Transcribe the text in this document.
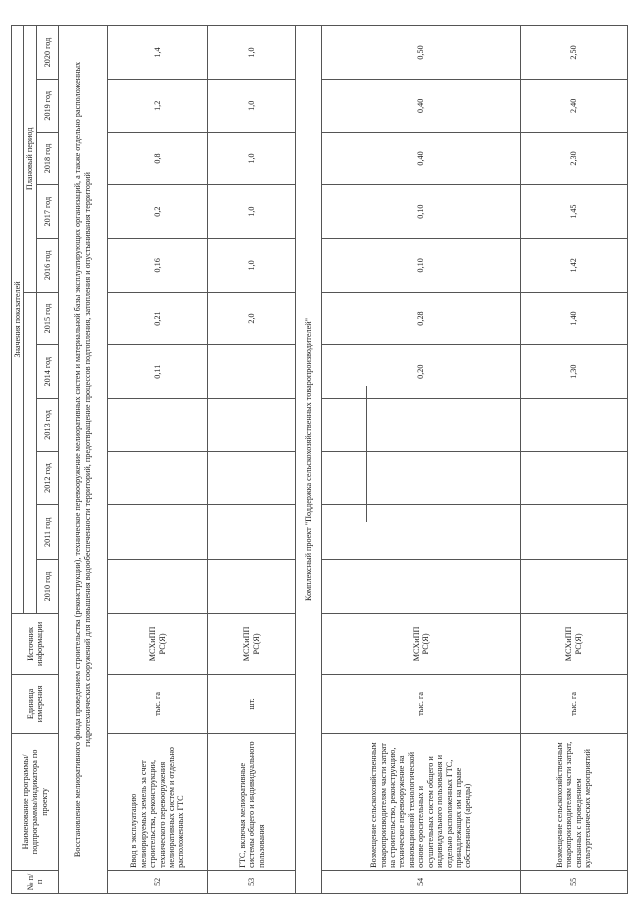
№ п/п	Наименование программы/подпрограммы/индикатора по проекту	Единица измерения	Источник информации	Значения показателей										
										Плановый период				
				2010 год	2011 год	2012 год	2013 год	2014 год	2015 год	2016 год	2017 год	2018 год	2019 год	2020 год
Восстановление мелиоративного фонда проведением строительства (реконструкции), техническое перевооружение мелиоративных систем и материальной базы эксплуатирующих организаций, а также отдельно расположенных гидротехнических сооружений для повышения водообеспеченности территорий, предотвращение процессов подтопления, затопления и опустынивания территорий														
52	Ввод в эксплуатацию мелиорируемых земель за счет строительства, реконструкции, технического перевооружения мелиоративных систем и отдельно расположенных ГТС	тыс. га	МСХиПП РС(Я)					0,11	0,21	0,16	0,2	0,8	1,2	1,4
53	ГТС, включая мелиоративные системы общего и индивидуального пользования	шт.	МСХиПП РС(Я)						2,0	1,0	1,0	1,0	1,0	1,0
Комплексный проект "Поддержка сельскохозяйственных товаропроизводителей"														
54	Возмещение сельскохозяйственным товаропроизводителям части затрат на строительство, реконструкцию, техническое перевооружение на инновационной технологической основе оросительных и осушительных систем общего и индивидуального пользования и отдельно расположенных ГТС, принадлежащих им на праве собственности (аренды)	тыс. га	МСХиПП РС(Я)					0,20	0,28	0,10	0,10	0,40	0,40	0,50
55	Возмещение сельскохозяйственным товаропроизводителям части затрат, связанных с проведением культуртехнических мероприятий	тыс. га	МСХиПП РС(Я)					1,30	1,40	1,42	1,45	2,30	2,40	2,50
